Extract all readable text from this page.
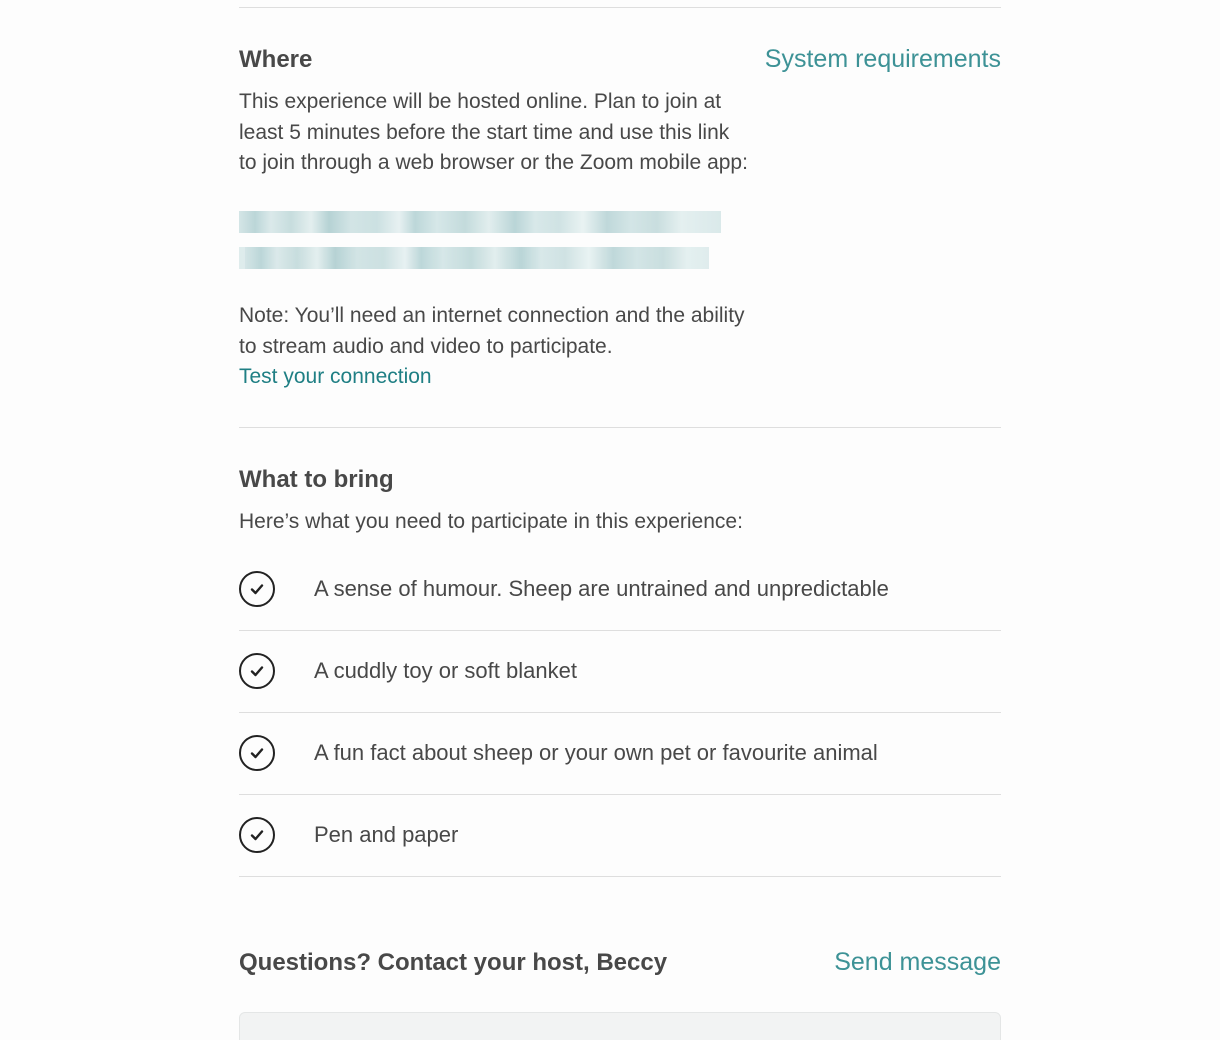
Where	System requirements

This experience will be hosted online. Plan to join at least 5 minutes before the start time and use this link to join through a web browser or the Zoom mobile app:

Note: You’ll need an internet connection and the ability to stream audio and video to participate.
Test your connection
What to bring

Here’s what you need to participate in this experience:

A sense of humour. Sheep are untrained and unpredictable
A cuddly toy or soft blanket
A fun fact about sheep or your own pet or favourite animal
Pen and paper
Questions? Contact your host, Beccy	Send message
